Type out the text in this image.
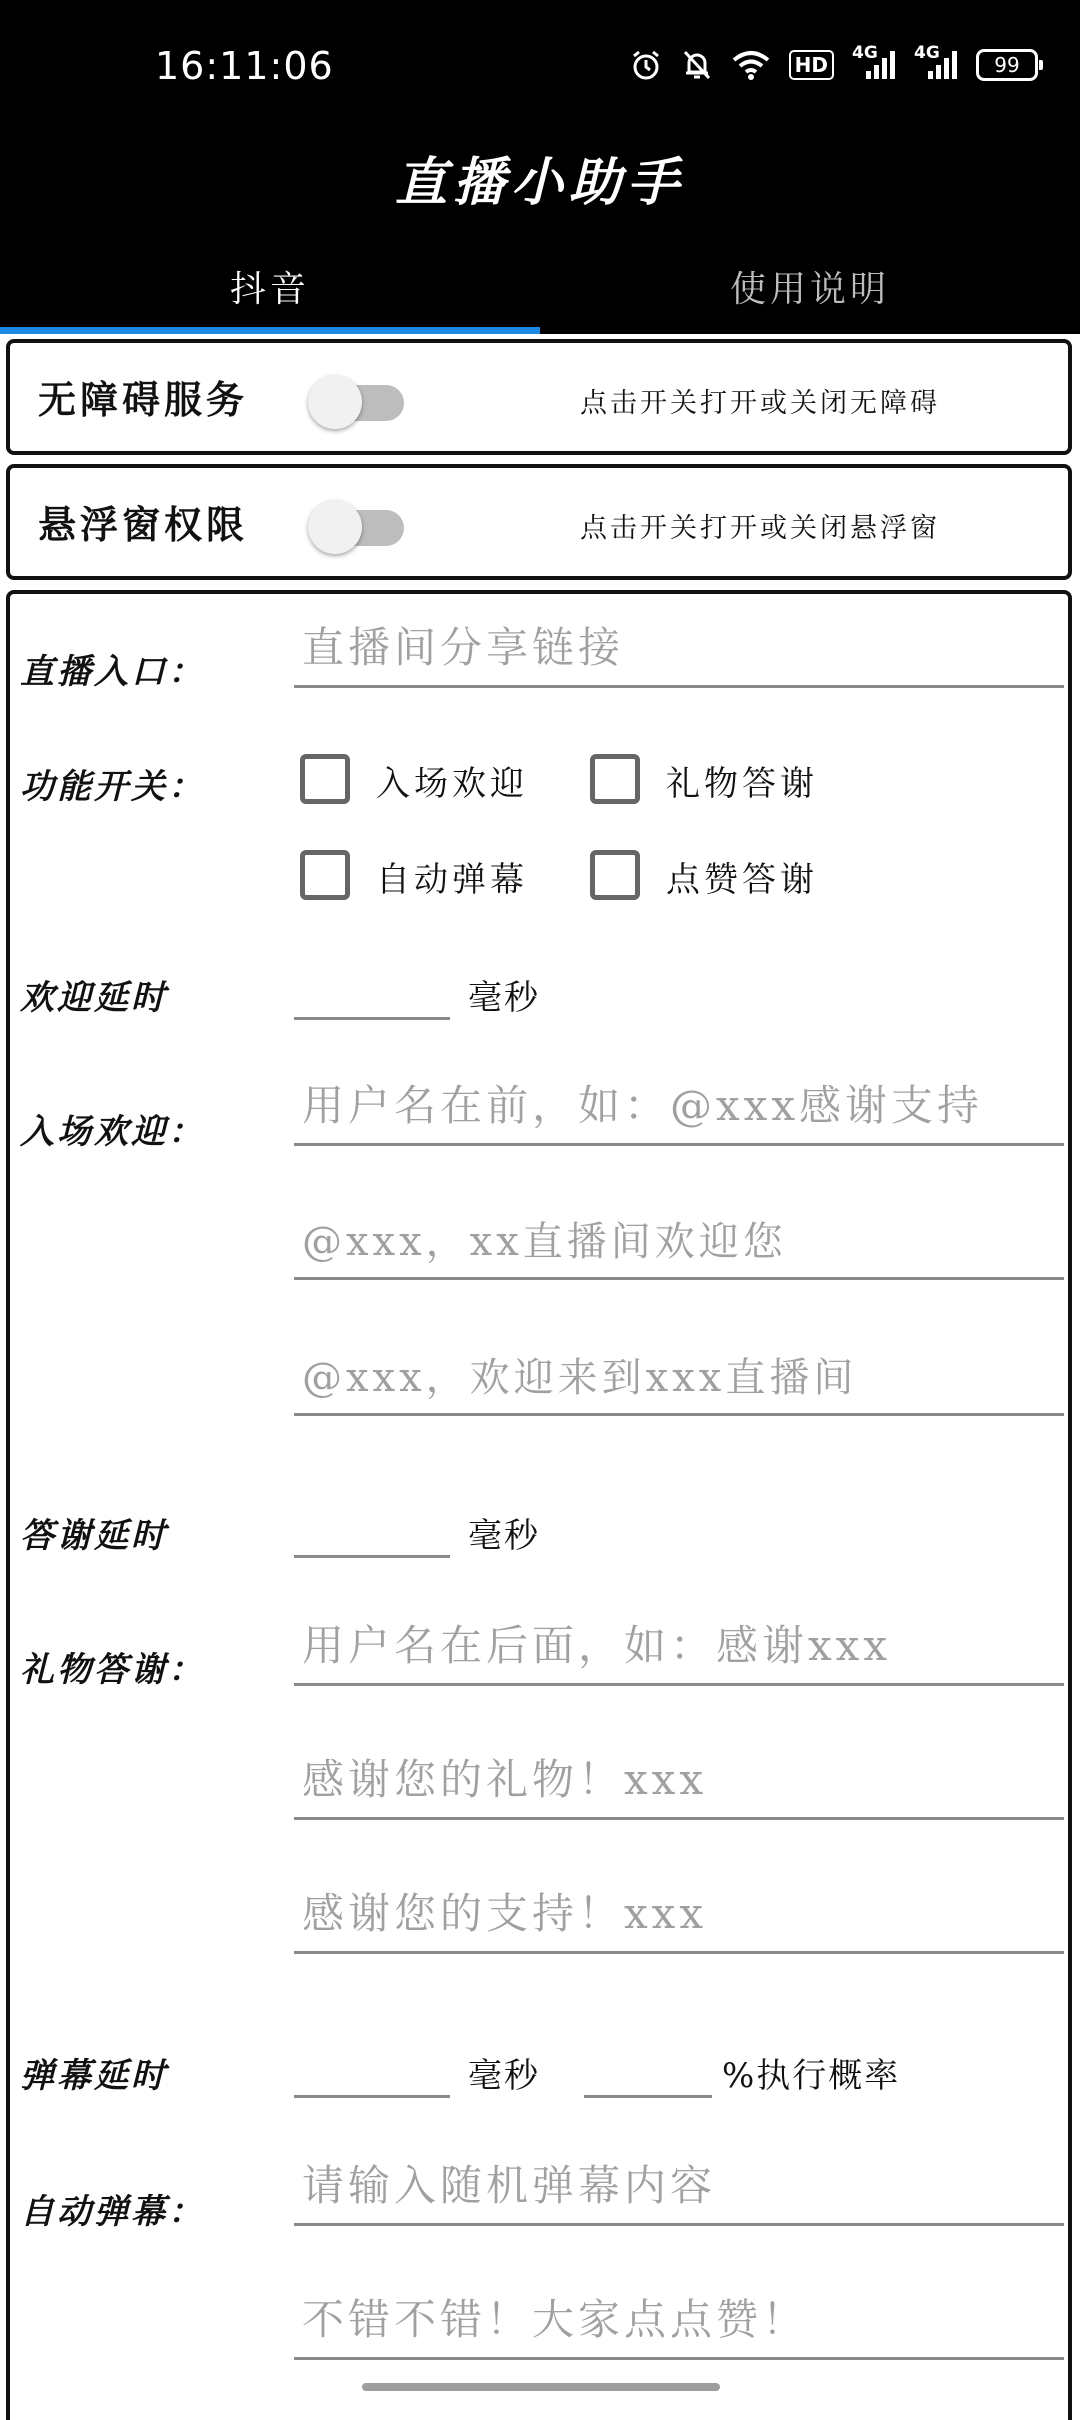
16:11:06	HD	4G 4G	99
直播小助手
抖音	使用说明
无障碍服务	点击开关打开或关闭无障碍
悬浮窗权限	点击开关打开或关闭悬浮窗
直播入口： 直播间分享链接
功能开关：	入场欢迎	礼物答谢
自动弹幕	点赞答谢
欢迎延时	毫秒
入场欢迎：
用户名在前，如：@xxx感谢支持
@xxx，xx直播间欢迎您
@xxx，欢迎来到xxx直播间
答谢延时	毫秒
礼物答谢： 用户名在后面，如：感谢xxx
感谢您的礼物！xxx
感谢您的支持！xxx
弹幕延时	毫秒	%执行概率
自动弹幕：
请输入随机弹幕内容
不错不错！大家点点赞！
